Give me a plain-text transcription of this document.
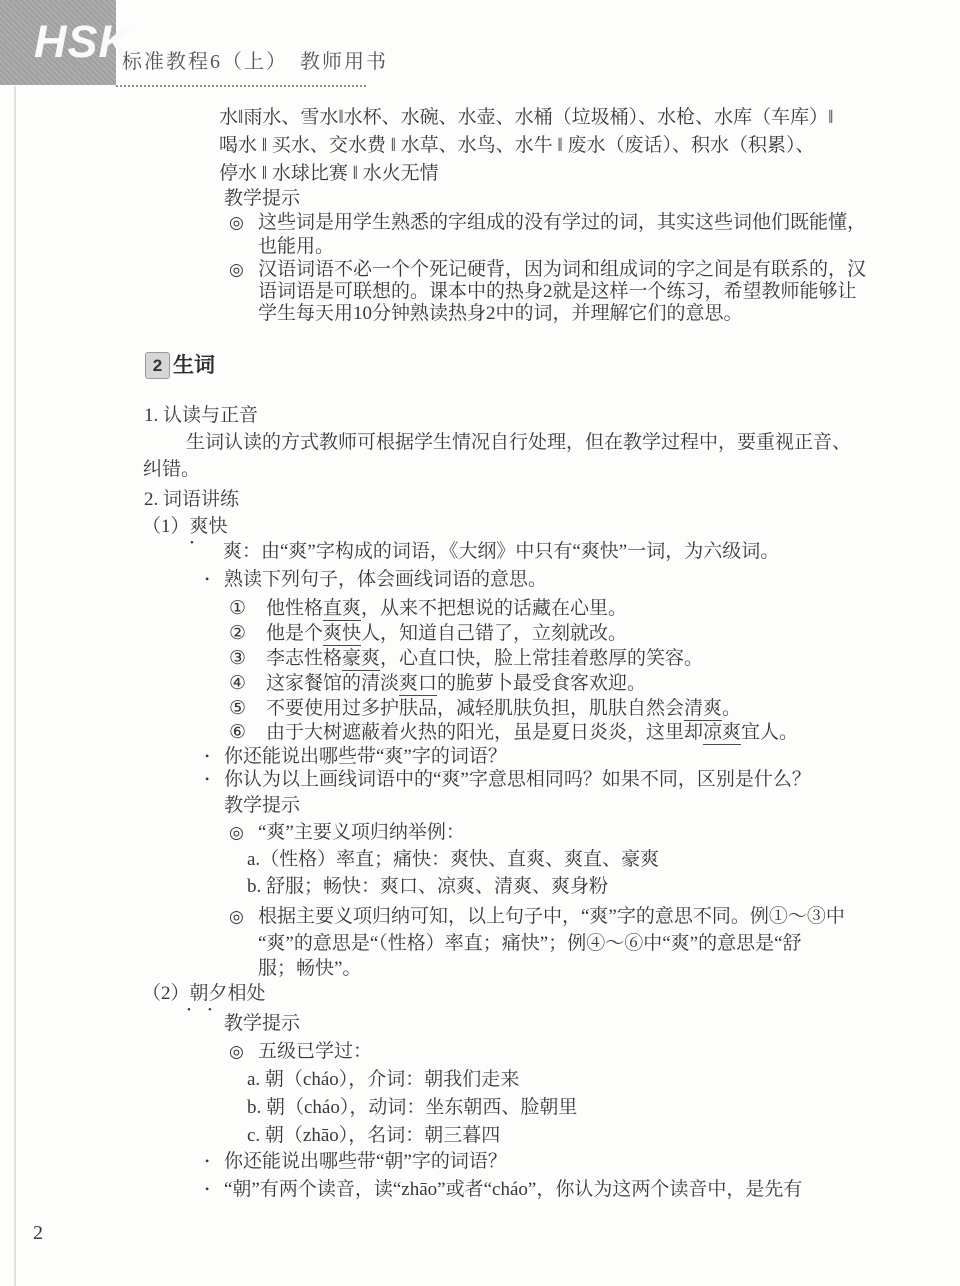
HSK
标准教程6（上）　教师用书
水‖雨水、雪水‖水杯、水碗、水壶、水桶（垃圾桶）、水枪、水库（车库）‖
喝水 ‖ 买水、交水费 ‖ 水草、水鸟、水牛 ‖ 废水（废话）、积水（积累）、
停水 ‖ 水球比赛 ‖ 水火无情
教学提示
◎ 这些词是用学生熟悉的字组成的没有学过的词，其实这些词他们既能懂，
也能用。
◎ 汉语词语不必一个个死记硬背，因为词和组成词的字之间是有联系的，汉
语词语是可联想的。课本中的热身2就是这样一个练习，希望教师能够让
学生每天用10分钟熟读热身2中的词，并理解它们的意思。
2 生词
1. 认读与正音
生词认读的方式教师可根据学生情况自行处理，但在教学过程中，要重视正音、
纠错。
2. 词语讲练
（1）爽快
• 爽：由“爽”字构成的词语，《大纲》中只有“爽快”一词，为六级词。
• 熟读下列句子，体会画线词语的意思。
① 他性格直爽，从来不把想说的话藏在心里。
② 他是个爽快人，知道自己错了，立刻就改。
③ 李志性格豪爽，心直口快，脸上常挂着憨厚的笑容。
④ 这家餐馆的清淡爽口的脆萝卜最受食客欢迎。
⑤ 不要使用过多护肤品，减轻肌肤负担，肌肤自然会清爽。
⑥ 由于大树遮蔽着火热的阳光，虽是夏日炎炎，这里却凉爽宜人。
• 你还能说出哪些带“爽”字的词语？
• 你认为以上画线词语中的“爽”字意思相同吗？如果不同，区别是什么？
教学提示
◎ “爽”主要义项归纳举例：
a.（性格）率直；痛快：爽快、直爽、爽直、豪爽
b. 舒服；畅快：爽口、凉爽、清爽、爽身粉
◎ 根据主要义项归纳可知，以上句子中，“爽”字的意思不同。例①～③中
“爽”的意思是“（性格）率直；痛快”；例④～⑥中“爽”的意思是“舒
服；畅快”。
（2）朝夕相处
• •
教学提示
◎ 五级已学过：
a. 朝（cháo），介词：朝我们走来
b. 朝（cháo），动词：坐东朝西、脸朝里
c. 朝（zhāo），名词：朝三暮四
• 你还能说出哪些带“朝”字的词语？
• “朝”有两个读音，读“zhāo”或者“cháo”，你认为这两个读音中，是先有
2
